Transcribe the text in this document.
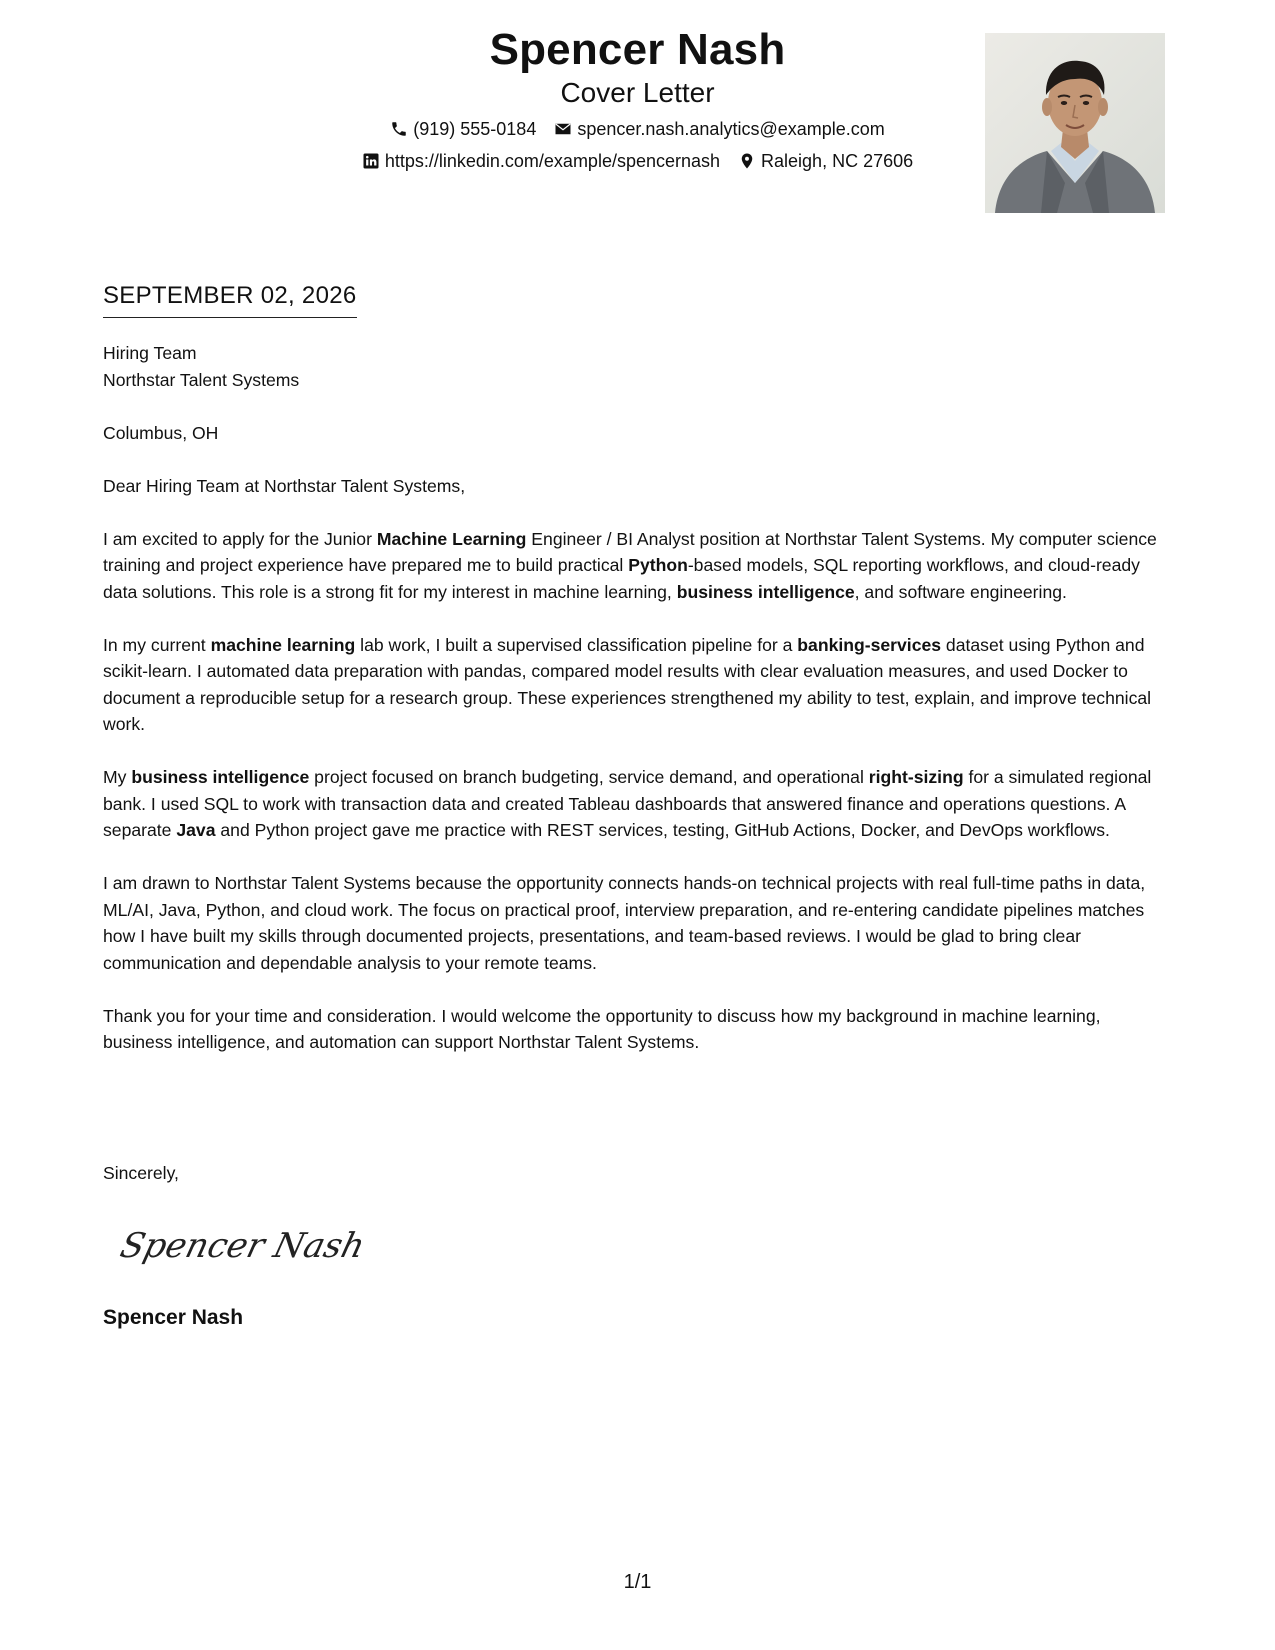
Spencer Nash
Cover Letter
(919) 555-0184 spencer.nash.analytics@example.com
https://linkedin.com/example/spencernash Raleigh, NC 27606
SEPTEMBER 02, 2026

Hiring Team

Northstar Talent Systems

Columbus, OH

Dear Hiring Team at Northstar Talent Systems,

I am excited to apply for the Junior Machine Learning Engineer / BI Analyst position at Northstar Talent Systems. My computer science training and project experience have prepared me to build practical Python-based models, SQL reporting workflows, and cloud-ready data solutions. This role is a strong fit for my interest in machine learning, business intelligence, and software engineering.

In my current machine learning lab work, I built a supervised classification pipeline for a banking-services dataset using Python and scikit-learn. I automated data preparation with pandas, compared model results with clear evaluation measures, and used Docker to document a reproducible setup for a research group. These experiences strengthened my ability to test, explain, and improve technical work.

My business intelligence project focused on branch budgeting, service demand, and operational right-sizing for a simulated regional bank. I used SQL to work with transaction data and created Tableau dashboards that answered finance and operations questions. A separate Java and Python project gave me practice with REST services, testing, GitHub Actions, Docker, and DevOps workflows.

I am drawn to Northstar Talent Systems because the opportunity connects hands-on technical projects with real full-time paths in data, ML/AI, Java, Python, and cloud work. The focus on practical proof, interview preparation, and re-entering candidate pipelines matches how I have built my skills through documented projects, presentations, and team-based reviews. I would be glad to bring clear communication and dependable analysis to your remote teams.

Thank you for your time and consideration. I would welcome the opportunity to discuss how my background in machine learning, business intelligence, and automation can support Northstar Talent Systems.

Sincerely,
Spencer Nash
Spencer Nash
1/1
